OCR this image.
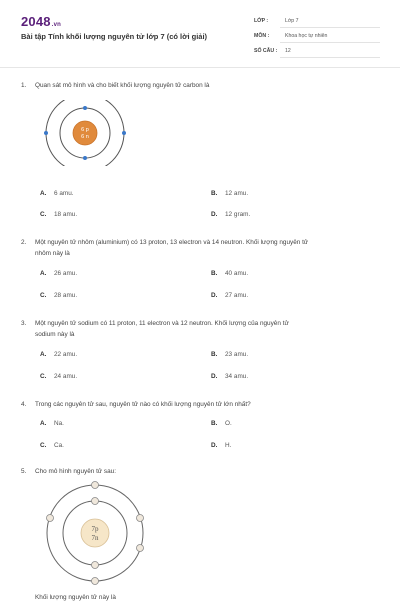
2048.vn
Bài tập Tính khối lượng nguyên tử lớp 7 (có lời giải)
LỚP :	Lớp 7
MÔN :	Khoa học tự nhiên
SỐ CÂU : 12
1. Quan sát mô hình và cho biết khối lượng nguyên tử carbon là
6 p
6 n
A. 6 amu.	B. 12 amu.
C. 18 amu.	D. 12 gram.
2. Một nguyên tử nhôm (aluminium) có 13 proton, 13 electron và 14 neutron. Khối lượng nguyên tử
nhôm này là
A. 26 amu.	B. 40 amu.
C. 28 amu.	D. 27 amu.
3. Một nguyên tử sodium có 11 proton, 11 electron và 12 neutron. Khối lượng của nguyên tử
sodium này là
A. 22 amu.	B. 23 amu.
C. 24 amu.	D. 34 amu.
4. Trong các nguyên tử sau, nguyên tử nào có khối lượng nguyên tử lớn nhất?
A. Na.	B. O.
C. Ca.	D. H.
5. Cho mô hình nguyên tử sau:
7p
7n
Khối lượng nguyên tử này là
